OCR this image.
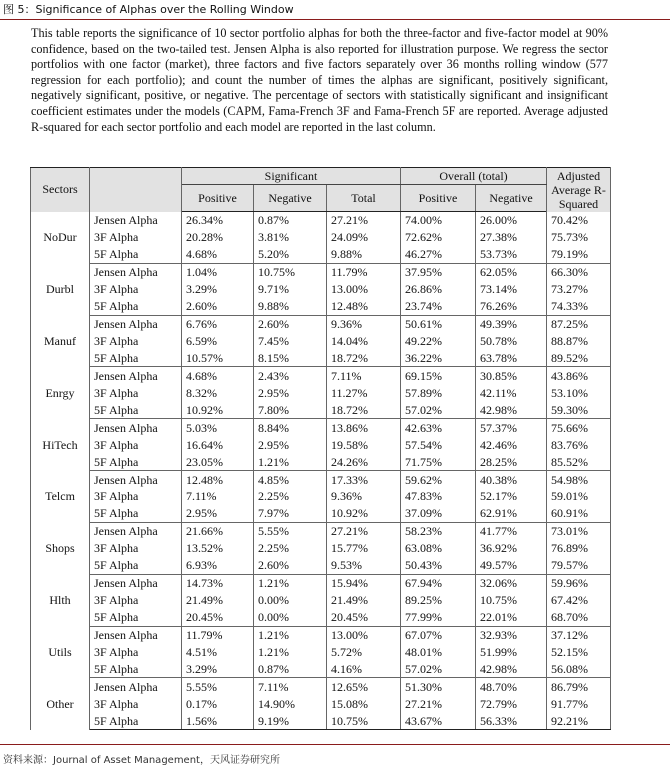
图 5：Significance of Alphas over the Rolling Window

This table reports the significance of 10 sector portfolio alphas for both the three-factor and five-factor model at 90% confidence, based on the two-tailed test. Jensen Alpha is also reported for illustration purpose. We regress the sector portfolios with one factor (market), three factors and five factors separately over 36 months rolling window (577 regression for each portfolio); and count the number of times the alphas are significant, positively significant, negatively significant, positive, or negative. The percentage of sectors with statistically significant and insignificant coefficient estimates under the models (CAPM, Fama-French 3F and Fama-French 5F are reported. Average adjusted R-squared for each sector portfolio and each model are reported in the last column.

Sectors		Significant			Overall (total)		Adjusted Average R-Squared
		Positive	Negative	Total	Positive	Negative	
NoDur	Jensen Alpha	26.34%	0.87%	27.21%	74.00%	26.00%	70.42%
	3F Alpha	20.28%	3.81%	24.09%	72.62%	27.38%	75.73%
	5F Alpha	4.68%	5.20%	9.88%	46.27%	53.73%	79.19%
Durbl	Jensen Alpha	1.04%	10.75%	11.79%	37.95%	62.05%	66.30%
	3F Alpha	3.29%	9.71%	13.00%	26.86%	73.14%	73.27%
	5F Alpha	2.60%	9.88%	12.48%	23.74%	76.26%	74.33%
Manuf	Jensen Alpha	6.76%	2.60%	9.36%	50.61%	49.39%	87.25%
	3F Alpha	6.59%	7.45%	14.04%	49.22%	50.78%	88.87%
	5F Alpha	10.57%	8.15%	18.72%	36.22%	63.78%	89.52%
Enrgy	Jensen Alpha	4.68%	2.43%	7.11%	69.15%	30.85%	43.86%
	3F Alpha	8.32%	2.95%	11.27%	57.89%	42.11%	53.10%
	5F Alpha	10.92%	7.80%	18.72%	57.02%	42.98%	59.30%
HiTech	Jensen Alpha	5.03%	8.84%	13.86%	42.63%	57.37%	75.66%
	3F Alpha	16.64%	2.95%	19.58%	57.54%	42.46%	83.76%
	5F Alpha	23.05%	1.21%	24.26%	71.75%	28.25%	85.52%
Telcm	Jensen Alpha	12.48%	4.85%	17.33%	59.62%	40.38%	54.98%
	3F Alpha	7.11%	2.25%	9.36%	47.83%	52.17%	59.01%
	5F Alpha	2.95%	7.97%	10.92%	37.09%	62.91%	60.91%
Shops	Jensen Alpha	21.66%	5.55%	27.21%	58.23%	41.77%	73.01%
	3F Alpha	13.52%	2.25%	15.77%	63.08%	36.92%	76.89%
	5F Alpha	6.93%	2.60%	9.53%	50.43%	49.57%	79.57%
Hlth	Jensen Alpha	14.73%	1.21%	15.94%	67.94%	32.06%	59.96%
	3F Alpha	21.49%	0.00%	21.49%	89.25%	10.75%	67.42%
	5F Alpha	20.45%	0.00%	20.45%	77.99%	22.01%	68.70%
Utils	Jensen Alpha	11.79%	1.21%	13.00%	67.07%	32.93%	37.12%
	3F Alpha	4.51%	1.21%	5.72%	48.01%	51.99%	52.15%
	5F Alpha	3.29%	0.87%	4.16%	57.02%	42.98%	56.08%
Other	Jensen Alpha	5.55%	7.11%	12.65%	51.30%	48.70%	86.79%
	3F Alpha	0.17%	14.90%	15.08%	27.21%	72.79%	91.77%
	5F Alpha	1.56%	9.19%	10.75%	43.67%	56.33%	92.21%
资料来源：Journal of Asset Management，天风证券研究所
